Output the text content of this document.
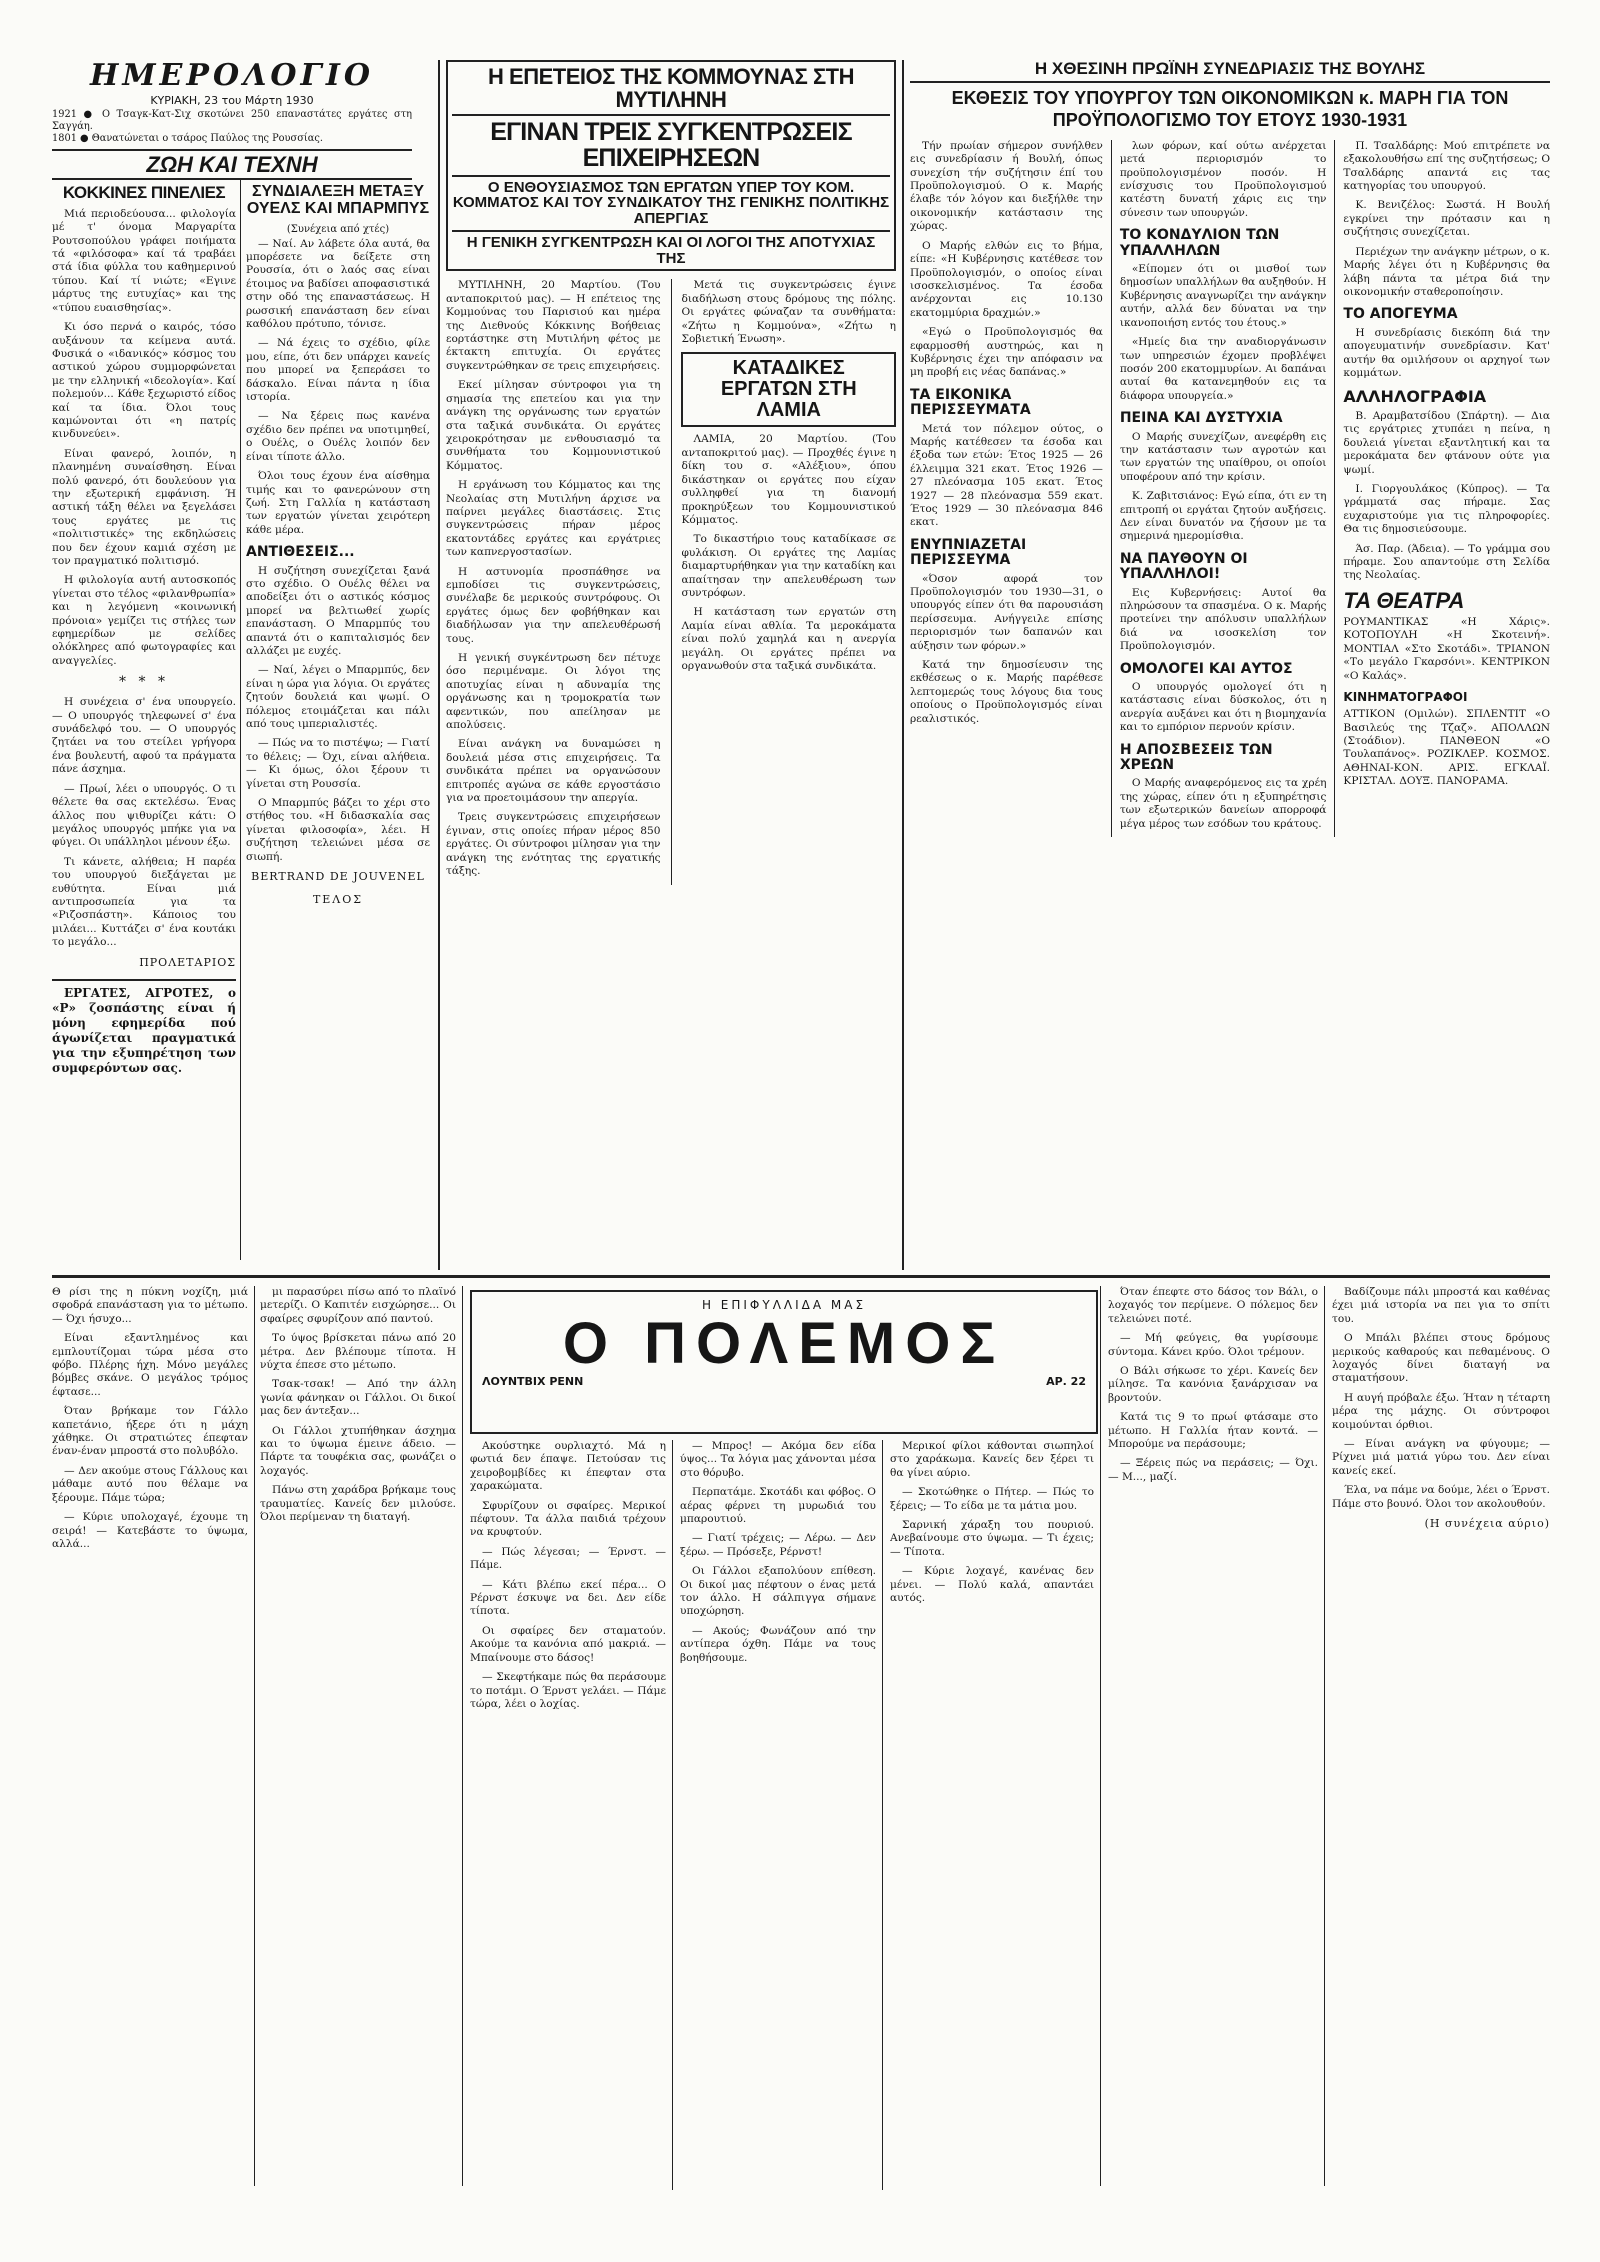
ΗΜΕΡΟΛΟΓΙΟ
ΚΥΡΙΑΚΗ, 23 του Μάρτη 1930
1921 ● Ο Τσαγκ-Κατ-Σιχ σκοτώνει 250 επαναστάτες εργάτες στη Σαγγάη.
1801 ● Θανατώνεται ο τσάρος Παύλος της Ρουσσίας.
ΖΩΗ ΚΑΙ ΤΕΧΝΗ
ΚΟΚΚΙΝΕΣ ΠΙΝΕΛΙΕΣ

Μιά περιοδεύουσα... φιλολογία μέ τ' όνομα Μαργαρίτα Ρουτσοπούλου γράφει ποιήματα τά «φιλόσοφα» καί τά τραβάει στά ίδια φύλλα του καθημερινού τύπου. Καί τί νιώτε; «Εγινε μάρτυς της ευτυχίας» και της «τύπου ευαισθησίας».

Κι όσο περνά ο καιρός, τόσο αυξάνουν τα κείμενα αυτά. Φυσικά ο «ιδανικός» κόσμος του αστικού χώρου συμμορφώνεται με την ελληνική «ιδεολογία». Καί πολεμούν... Κάθε ξεχωριστό είδος καί τα ίδια. Όλοι τους καμώνονται ότι «η πατρίς κινδυνεύει».

Είναι φανερό, λοιπόν, η πλανημένη συναίσθηση. Είναι πολύ φανερό, ότι δουλεύουν για την εξωτερική εμφάνιση. Ή αστική τάξη θέλει να ξεγελάσει τους εργάτες με τις «πολιτιστικές» της εκδηλώσεις που δεν έχουν καμιά σχέση με τον πραγματικό πολιτισμό.

Η φιλολογία αυτή αυτοσκοπός γίνεται στο τέλος «φιλανθρωπία» και η λεγόμενη «κοινωνική πρόνοια» γεμίζει τις στήλες των εφημερίδων με σελίδες ολόκληρες από φωτογραφίες και αναγγελίες.

* * *

Η συνέχεια σ' ένα υπουργείο. — Ο υπουργός τηλεφωνεί σ' ένα συνάδελφό του. — Ο υπουργός ζητάει να του στείλει γρήγορα ένα βουλευτή, αφού τα πράγματα πάνε άσχημα.

— Πρωί, λέει ο υπουργός. Ο τι θέλετε θα σας εκτελέσω. Ένας άλλος που ψιθυρίζει κάτι: Ο μεγάλος υπουργός μπήκε για να φύγει. Οι υπάλληλοι μένουν έξω.

Τι κάνετε, αλήθεια; Η παρέα του υπουργού διεξάγεται με ευθύτητα. Είναι μιά αντιπροσωπεία για τα «Ριζοσπάστη». Κάποιος του μιλάει... Κυττάζει σ' ένα κουτάκι το μεγάλο...

ΠΡΟΛΕΤΑΡΙΟΣ

ΕΡΓΑΤΕΣ, ΑΓΡΟΤΕΣ, ο «Ρ» ζοσπάστης είναι ή μόνη εφημερίδα πού άγωνίζεται πραγματικά για την εξυπηρέτηση των συμφερόντων σας.

ΣΥΝΔΙΑΛΕΞΗ ΜΕΤΑΞΥ ΟΥΕΛΣ ΚΑΙ ΜΠΑΡΜΠΥΣ
(Συνέχεια από χτές)

— Ναί. Αν λάβετε όλα αυτά, θα μπορέσετε να δείξετε στη Ρουσσία, ότι ο λαός σας είναι έτοιμος να βαδίσει αποφασιστικά στην οδό της επαναστάσεως. Η ρωσσική επανάσταση δεν είναι καθόλου πρότυπο, τόνισε.

— Νά έχεις το σχέδιο, φίλε μου, είπε, ότι δεν υπάρχει κανείς που μπορεί να ξεπεράσει το δάσκαλο. Είναι πάντα η ίδια ιστορία.

— Να ξέρεις πως κανένα σχέδιο δεν πρέπει να υποτιμηθεί, ο Ουέλς, ο Ουέλς λοιπόν δεν είναι τίποτε άλλο.

Όλοι τους έχουν ένα αίσθημα τιμής και το φανερώνουν στη ζωή. Στη Γαλλία η κατάσταση των εργατών γίνεται χειρότερη κάθε μέρα.

ΑΝΤΙΘΕΣΕΙΣ...

Η συζήτηση συνεχίζεται ξανά στο σχέδιο. Ο Ουέλς θέλει να αποδείξει ότι ο αστικός κόσμος μπορεί να βελτιωθεί χωρίς επανάσταση. Ο Μπαρμπύς του απαντά ότι ο καπιταλισμός δεν αλλάζει με ευχές.

— Ναί, λέγει ο Μπαρμπύς, δεν είναι η ώρα για λόγια. Οι εργάτες ζητούν δουλειά και ψωμί. Ο πόλεμος ετοιμάζεται και πάλι από τους ιμπεριαλιστές.

— Πώς να το πιστέψω; — Γιατί το θέλεις; — Όχι, είναι αλήθεια. — Κι όμως, όλοι ξέρουν τι γίνεται στη Ρουσσία.

Ο Μπαρμπύς βάζει το χέρι στο στήθος του. «Η διδασκαλία σας γίνεται φιλοσοφία», λέει. Η συζήτηση τελειώνει μέσα σε σιωπή.

BERTRAND DE JOUVENEL
ΤΕΛΟΣ
Η ΕΠΕΤΕΙΟΣ ΤΗΣ ΚΟΜΜΟΥΝΑΣ ΣΤΗ ΜΥΤΙΛΗΝΗ
ΕΓΙΝΑΝ ΤΡΕΙΣ ΣΥΓΚΕΝΤΡΩΣΕΙΣ ΕΠΙΧΕΙΡΗΣΕΩΝ
Ο ΕΝΘΟΥΣΙΑΣΜΟΣ ΤΩΝ ΕΡΓΑΤΩΝ ΥΠΕΡ ΤΟΥ ΚΟΜ. ΚΟΜΜΑΤΟΣ ΚΑΙ ΤΟΥ ΣΥΝΔΙΚΑΤΟΥ ΤΗΣ ΓΕΝΙΚΗΣ ΠΟΛΙΤΙΚΗΣ ΑΠΕΡΓΙΑΣ
Η ΓΕΝΙΚΗ ΣΥΓΚΕΝΤΡΩΣΗ ΚΑΙ ΟΙ ΛΟΓΟΙ ΤΗΣ ΑΠΟΤΥΧΙΑΣ ΤΗΣ

ΜΥΤΙΛΗΝΗ, 20 Μαρτίου. (Του ανταποκριτού μας). — Η επέτειος της Κομμούνας του Παρισιού και ημέρα της Διεθνούς Κόκκινης Βοήθειας εορτάστηκε στη Μυτιλήνη φέτος με έκτακτη επιτυχία. Οι εργάτες συγκεντρώθηκαν σε τρεις επιχειρήσεις.

Εκεί μίλησαν σύντροφοι για τη σημασία της επετείου και για την ανάγκη της οργάνωσης των εργατών στα ταξικά συνδικάτα. Οι εργάτες χειροκρότησαν με ενθουσιασμό τα συνθήματα του Κομμουνιστικού Κόμματος.

Η εργάνωση του Κόμματος και της Νεολαίας στη Μυτιλήνη άρχισε να παίρνει μεγάλες διαστάσεις. Στις συγκεντρώσεις πήραν μέρος εκατοντάδες εργάτες και εργάτριες των καπνεργοστασίων.

Η αστυνομία προσπάθησε να εμποδίσει τις συγκεντρώσεις, συνέλαβε δε μερικούς συντρόφους. Οι εργάτες όμως δεν φοβήθηκαν και διαδήλωσαν για την απελευθέρωσή τους.

Η γενική συγκέντρωση δεν πέτυχε όσο περιμέναμε. Οι λόγοι της αποτυχίας είναι η αδυναμία της οργάνωσης και η τρομοκρατία των αφεντικών, που απείλησαν με απολύσεις.

Είναι ανάγκη να δυναμώσει η δουλειά μέσα στις επιχειρήσεις. Τα συνδικάτα πρέπει να οργανώσουν επιτροπές αγώνα σε κάθε εργοστάσιο για να προετοιμάσουν την απεργία.

Τρεις συγκεντρώσεις επιχειρήσεων έγιναν, στις οποίες πήραν μέρος 850 εργάτες. Οι σύντροφοι μίλησαν για την ανάγκη της ενότητας της εργατικής τάξης.

Μετά τις συγκεντρώσεις έγινε διαδήλωση στους δρόμους της πόλης. Οι εργάτες φώναζαν τα συνθήματα: «Ζήτω η Κομμούνα», «Ζήτω η Σοβιετική Ένωση».

ΚΑΤΑΔΙΚΕΣ ΕΡΓΑΤΩΝ ΣΤΗ ΛΑΜΙΑ

ΛΑΜΙΑ, 20 Μαρτίου. (Του ανταποκριτού μας). — Προχθές έγινε η δίκη του σ. «Αλέξιου», όπου δικάστηκαν οι εργάτες που είχαν συλληφθεί για τη διανομή προκηρύξεων του Κομμουνιστικού Κόμματος.

Το δικαστήριο τους καταδίκασε σε φυλάκιση. Οι εργάτες της Λαμίας διαμαρτυρήθηκαν για την καταδίκη και απαίτησαν την απελευθέρωση των συντρόφων.

Η κατάσταση των εργατών στη Λαμία είναι αθλία. Τα μεροκάματα είναι πολύ χαμηλά και η ανεργία μεγάλη. Οι εργάτες πρέπει να οργανωθούν στα ταξικά συνδικάτα.

Η ΧΘΕΣΙΝΗ ΠΡΩΪΝΗ ΣΥΝΕΔΡΙΑΣΙΣ ΤΗΣ ΒΟΥΛΗΣ
ΕΚΘΕΣΙΣ ΤΟΥ ΥΠΟΥΡΓΟΥ ΤΩΝ ΟΙΚΟΝΟΜΙΚΩΝ κ. ΜΑΡΗ ΓΙΑ ΤΟΝ ΠΡΟΫΠΟΛΟΓΙΣΜΟ ΤΟΥ ΕΤΟΥΣ 1930-1931

Τήν πρωίαν σήμερον συνήλθεν εις συνεδρίασιν ή Βουλή, όπως συνεχίση τήν συζήτησιν έπί του Προϋπολογισμού. Ο κ. Μαρής έλαβε τόν λόγον και διεξήλθε την οικονομικήν κατάστασιν της χώρας.

Ο Μαρής ελθών εις το βήμα, είπε: «Η Κυβέρνησις κατέθεσε τον Προϋπολογισμόν, ο οποίος είναι ισοσκελισμένος. Τα έσοδα ανέρχονται εις 10.130 εκατομμύρια δραχμών.»

«Εγώ ο Προϋπολογισμός θα εφαρμοσθή αυστηρώς, και η Κυβέρνησις έχει την απόφασιν να μη προβή εις νέας δαπάνας.»

ΤΑ ΕΙΚΟΝΙΚΑ ΠΕΡΙΣΣΕΥΜΑΤΑ

Μετά τον πόλεμον ούτος, ο Μαρής κατέθεσεν τα έσοδα και έξοδα των ετών: Έτος 1925 — 26 έλλειμμα 321 εκατ. Έτος 1926 — 27 πλεόνασμα 105 εκατ. Έτος 1927 — 28 πλεόνασμα 559 εκατ. Έτος 1929 — 30 πλεόνασμα 846 εκατ.

ΕΝΥΠΝΙΑΖΕΤΑΙ ΠΕΡΙΣΣΕΥΜΑ

«Όσον αφορά τον Προϋπολογισμόν του 1930—31, ο υπουργός είπεν ότι θα παρουσιάση περίσσευμα. Ανήγγειλε επίσης περιορισμόν των δαπανών και αύξησιν των φόρων.»

Κατά την δημοσίευσιν της εκθέσεως ο κ. Μαρής παρέθεσε λεπτομερώς τους λόγους δια τους οποίους ο Προϋπολογισμός είναι ρεαλιστικός.

λων φόρων, καί ούτω ανέρχεται μετά περιορισμόν το προϋπολογισμένον ποσόν. Η ενίσχυσις του Προϋπολογισμού κατέστη δυνατή χάρις εις την σύνεσιν των υπουργών.

ΤΟ ΚΟΝΔΥΛΙΟΝ ΤΩΝ ΥΠΑΛΛΗΛΩΝ

«Είπομεν ότι οι μισθοί των δημοσίων υπαλλήλων θα αυξηθούν. Η Κυβέρνησις αναγνωρίζει την ανάγκην αυτήν, αλλά δεν δύναται να την ικανοποιήση εντός του έτους.»

«Ημείς δια την αναδιοργάνωσιν των υπηρεσιών έχομεν προβλέψει ποσόν 200 εκατομμυρίων. Αι δαπάναι αυταί θα κατανεμηθούν εις τα διάφορα υπουργεία.»

ΠΕΙΝΑ ΚΑΙ ΔΥΣΤΥΧΙΑ

Ο Μαρής συνεχίζων, ανεφέρθη εις την κατάστασιν των αγροτών και των εργατών της υπαίθρου, οι οποίοι υποφέρουν από την κρίσιν.

Κ. Ζαβιτσιάνος: Εγώ είπα, ότι εν τη επιτροπή οι εργάται ζητούν αυξήσεις. Δεν είναι δυνατόν να ζήσουν με τα σημερινά ημερομίσθια.

ΝΑ ΠΑΥΘΟΥΝ ΟΙ ΥΠΑΛΛΗΛΟΙ!

Εις Κυβερνήσεις: Αυτοί θα πληρώσουν τα σπασμένα. Ο κ. Μαρής προτείνει την απόλυσιν υπαλλήλων διά να ισοσκελίση τον Προϋπολογισμόν.

ΟΜΟΛΟΓΕΙ ΚΑΙ ΑΥΤΟΣ

Ο υπουργός ομολογεί ότι η κατάστασις είναι δύσκολος, ότι η ανεργία αυξάνει και ότι η βιομηχανία και το εμπόριον περνούν κρίσιν.

Η ΑΠΟΣΒΕΣΕΙΣ ΤΩΝ ΧΡΕΩΝ

Ο Μαρής αναφερόμενος εις τα χρέη της χώρας, είπεν ότι η εξυπηρέτησις των εξωτερικών δανείων απορροφά μέγα μέρος των εσόδων του κράτους.

Π. Τσαλδάρης: Μού επιτρέπετε να εξακολουθήσω επί της συζητήσεως; Ο Τσαλδάρης απαντά εις τας κατηγορίας του υπουργού.

Κ. Βενιζέλος: Σωστά. Η Βουλή εγκρίνει την πρότασιν και η συζήτησις συνεχίζεται.

Περιέχων την ανάγκην μέτρων, ο κ. Μαρής λέγει ότι η Κυβέρνησις θα λάβη πάντα τα μέτρα διά την οικονομικήν σταθεροποίησιν.

ΤΟ ΑΠΟΓΕΥΜΑ

Η συνεδρίασις διεκόπη διά την απογευματινήν συνεδρίασιν. Κατ' αυτήν θα ομιλήσουν οι αρχηγοί των κομμάτων.

ΑΛΛΗΛΟΓΡΑΦΙΑ

Β. Αραμβατσίδου (Σπάρτη). — Δια τις εργάτριες χτυπάει η πείνα, η δουλειά γίνεται εξαντλητική και τα μεροκάματα δεν φτάνουν ούτε για ψωμί.

Ι. Γιοργουλάκος (Κύπρος). — Τα γράμματά σας πήραμε. Σας ευχαριστούμε για τις πληροφορίες. Θα τις δημοσιεύσουμε.

Άσ. Παρ. (Άδεια). — Το γράμμα σου πήραμε. Σου απαντούμε στη Σελίδα της Νεολαίας.

ΤΑ ΘΕΑΤΡΑ

ΡΟΥΜΑΝΤΙΚΑΣ «Η Χάρις». ΚΟΤΟΠΟΥΛΗ «Η Σκοτεινή». ΜΟΝΤΙΑΛ «Στο Σκοτάδι». ΤΡΙΑΝΟΝ «Το μεγάλο Γκαρσόνι». ΚΕΝΤΡΙΚΟΝ «Ο Καλάς».

ΚΙΝΗΜΑΤΟΓΡΑΦΟΙ

ΑΤΤΙΚΟΝ (Ομιλών). ΣΠΛΕΝΤΙΤ «Ο Βασιλεύς της Τζαζ». ΑΠΟΛΛΩΝ (Στοάδιον). ΠΑΝΘΕΟΝ «Ο Τουλαπάνος». ΡΟΖΙΚΛΕΡ. ΚΟΣΜΟΣ. ΑΘΗΝΑΙ-ΚΟΝ. ΑΡΙΣ. ΕΓΚΛΑΪ. ΚΡΙΣΤΑΛ. ΔΟΥΞ. ΠΑΝΟΡΑΜΑ.

Θ ρίσι της η πύκνη νοχίζη, μιά σφοδρά επανάσταση για το μέτωπο. — Όχι ήσυχο...

Είναι εξαντλημένος και εμπλουτίζομαι τώρα μέσα στο φόβο. Πλέρης ήχη. Μόνο μεγάλες βόμβες σκάνε. Ο μεγάλος τρόμος έφτασε...

Όταν βρήκαμε τον Γάλλο καπετάνιο, ήξερε ότι η μάχη χάθηκε. Οι στρατιώτες έπεφταν έναν-έναν μπροστά στο πολυβόλο.

— Δεν ακούμε στους Γάλλους και μάθαμε αυτό που θέλαμε να ξέρουμε. Πάμε τώρα;

— Κύριε υπολοχαγέ, έχουμε τη σειρά! — Κατεβάστε το ύψωμα, αλλά...

μι παρασύρει πίσω από το πλαϊνό μετερίζι. Ο Καπιτέν εισχώρησε... Οι σφαίρες σφυρίζουν από παντού.

Το ύψος βρίσκεται πάνω από 20 μέτρα. Δεν βλέπουμε τίποτα. Η νύχτα έπεσε στο μέτωπο.

Τσακ-τσακ! — Από την άλλη γωνία φάνηκαν οι Γάλλοι. Οι δικοί μας δεν άντεξαν...

Οι Γάλλοι χτυπήθηκαν άσχημα και το ύψωμα έμεινε άδειο. — Πάρτε τα τουφέκια σας, φωνάζει ο λοχαγός.

Πάνω στη χαράδρα βρήκαμε τους τραυματίες. Κανείς δεν μιλούσε. Όλοι περίμεναν τη διαταγή.

Η ΕΠΙΦΥΛΛΙΔΑ ΜΑΣ
Ο ΠΟΛΕΜΟΣ
ΛΟΥΝΤΒΙΧ ΡΕΝΝ	ΑΡ. 22

Ακούστηκε ουρλιαχτό. Μά η φωτιά δεν έπαψε. Πετούσαν τις χειροβομβίδες κι έπεφταν στα χαρακώματα.

Σφυρίζουν οι σφαίρες. Μερικοί πέφτουν. Τα άλλα παιδιά τρέχουν να κρυφτούν.

— Πώς λέγεσαι; — Έρνστ. — Πάμε.

— Κάτι βλέπω εκεί πέρα... Ο Ρέρνστ έσκυψε να δει. Δεν είδε τίποτα.

Οι σφαίρες δεν σταματούν. Ακούμε τα κανόνια από μακριά. — Μπαίνουμε στο δάσος!

— Σκεφτήκαμε πώς θα περάσουμε το ποτάμι. Ο Έρνστ γελάει. — Πάμε τώρα, λέει ο λοχίας.

— Μπρος! — Ακόμα δεν είδα ύψος... Τα λόγια μας χάνονται μέσα στο θόρυβο.

Περπατάμε. Σκοτάδι και φόβος. Ο αέρας φέρνει τη μυρωδιά του μπαρουτιού.

— Γιατί τρέχεις; — Λέρω. — Δεν ξέρω. — Πρόσεξε, Ρέρνστ!

Οι Γάλλοι εξαπολύουν επίθεση. Οι δικοί μας πέφτουν ο ένας μετά τον άλλο. Η σάλπιγγα σήμανε υποχώρηση.

— Ακούς; Φωνάζουν από την αντίπερα όχθη. Πάμε να τους βοηθήσουμε.

Μερικοί φίλοι κάθονται σιωπηλοί στο χαράκωμα. Κανείς δεν ξέρει τι θα γίνει αύριο.

— Σκοτώθηκε ο Πήτερ. — Πώς το ξέρεις; — Το είδα με τα μάτια μου.

Σαρνική χάραξη του πουριού. Ανεβαίνουμε στο ύψωμα. — Τι έχεις; — Τίποτα.

— Κύριε λοχαγέ, κανένας δεν μένει. — Πολύ καλά, απαντάει αυτός.

Όταν έπεφτε στο δάσος τον Βάλι, ο λοχαγός τον περίμενε. Ο πόλεμος δεν τελειώνει ποτέ.

— Μή φεύγεις, θα γυρίσουμε σύντομα. Κάνει κρύο. Όλοι τρέμουν.

Ο Βάλι σήκωσε το χέρι. Κανείς δεν μίλησε. Τα κανόνια ξανάρχισαν να βροντούν.

Κατά τις 9 το πρωί φτάσαμε στο μέτωπο. Η Γαλλία ήταν κοντά. — Μπορούμε να περάσουμε;

— Ξέρεις πώς να περάσεις; — Όχι. — Μ..., μαζί.

Βαδίζουμε πάλι μπροστά και καθένας έχει μιά ιστορία να πει για το σπίτι του.

Ο Μπάλι βλέπει στους δρόμους μερικούς καθαρούς και πεθαμένους. Ο λοχαγός δίνει διαταγή να σταματήσουν.

Η αυγή πρόβαλε έξω. Ήταν η τέταρτη μέρα της μάχης. Οι σύντροφοι κοιμούνται όρθιοι.

— Είναι ανάγκη να φύγουμε; — Ρίχνει μιά ματιά γύρω του. Δεν είναι κανείς εκεί.

Έλα, να πάμε να δούμε, λέει ο Έρνστ. Πάμε στο βουνό. Όλοι τον ακολουθούν.

(Η συνέχεια αύριο)
